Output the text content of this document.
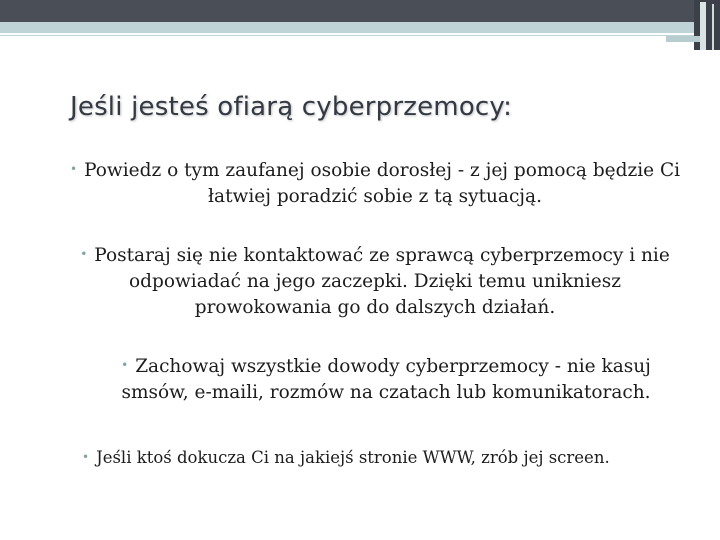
Jeśli jesteś ofiarą cyberprzemocy:
• Powiedz o tym zaufanej osobie dorosłej - z jej pomocą będzie Ci łatwiej poradzić sobie z tą sytuacją.
• Postaraj się nie kontaktować ze sprawcą cyberprzemocy i nie odpowiadać na jego zaczepki. Dzięki temu unikniesz prowokowania go do dalszych działań.
• Zachowaj wszystkie dowody cyberprzemocy - nie kasuj smsów, e-maili, rozmów na czatach lub komunikatorach.
• Jeśli ktoś dokucza Ci na jakiejś stronie WWW, zrób jej screen.
